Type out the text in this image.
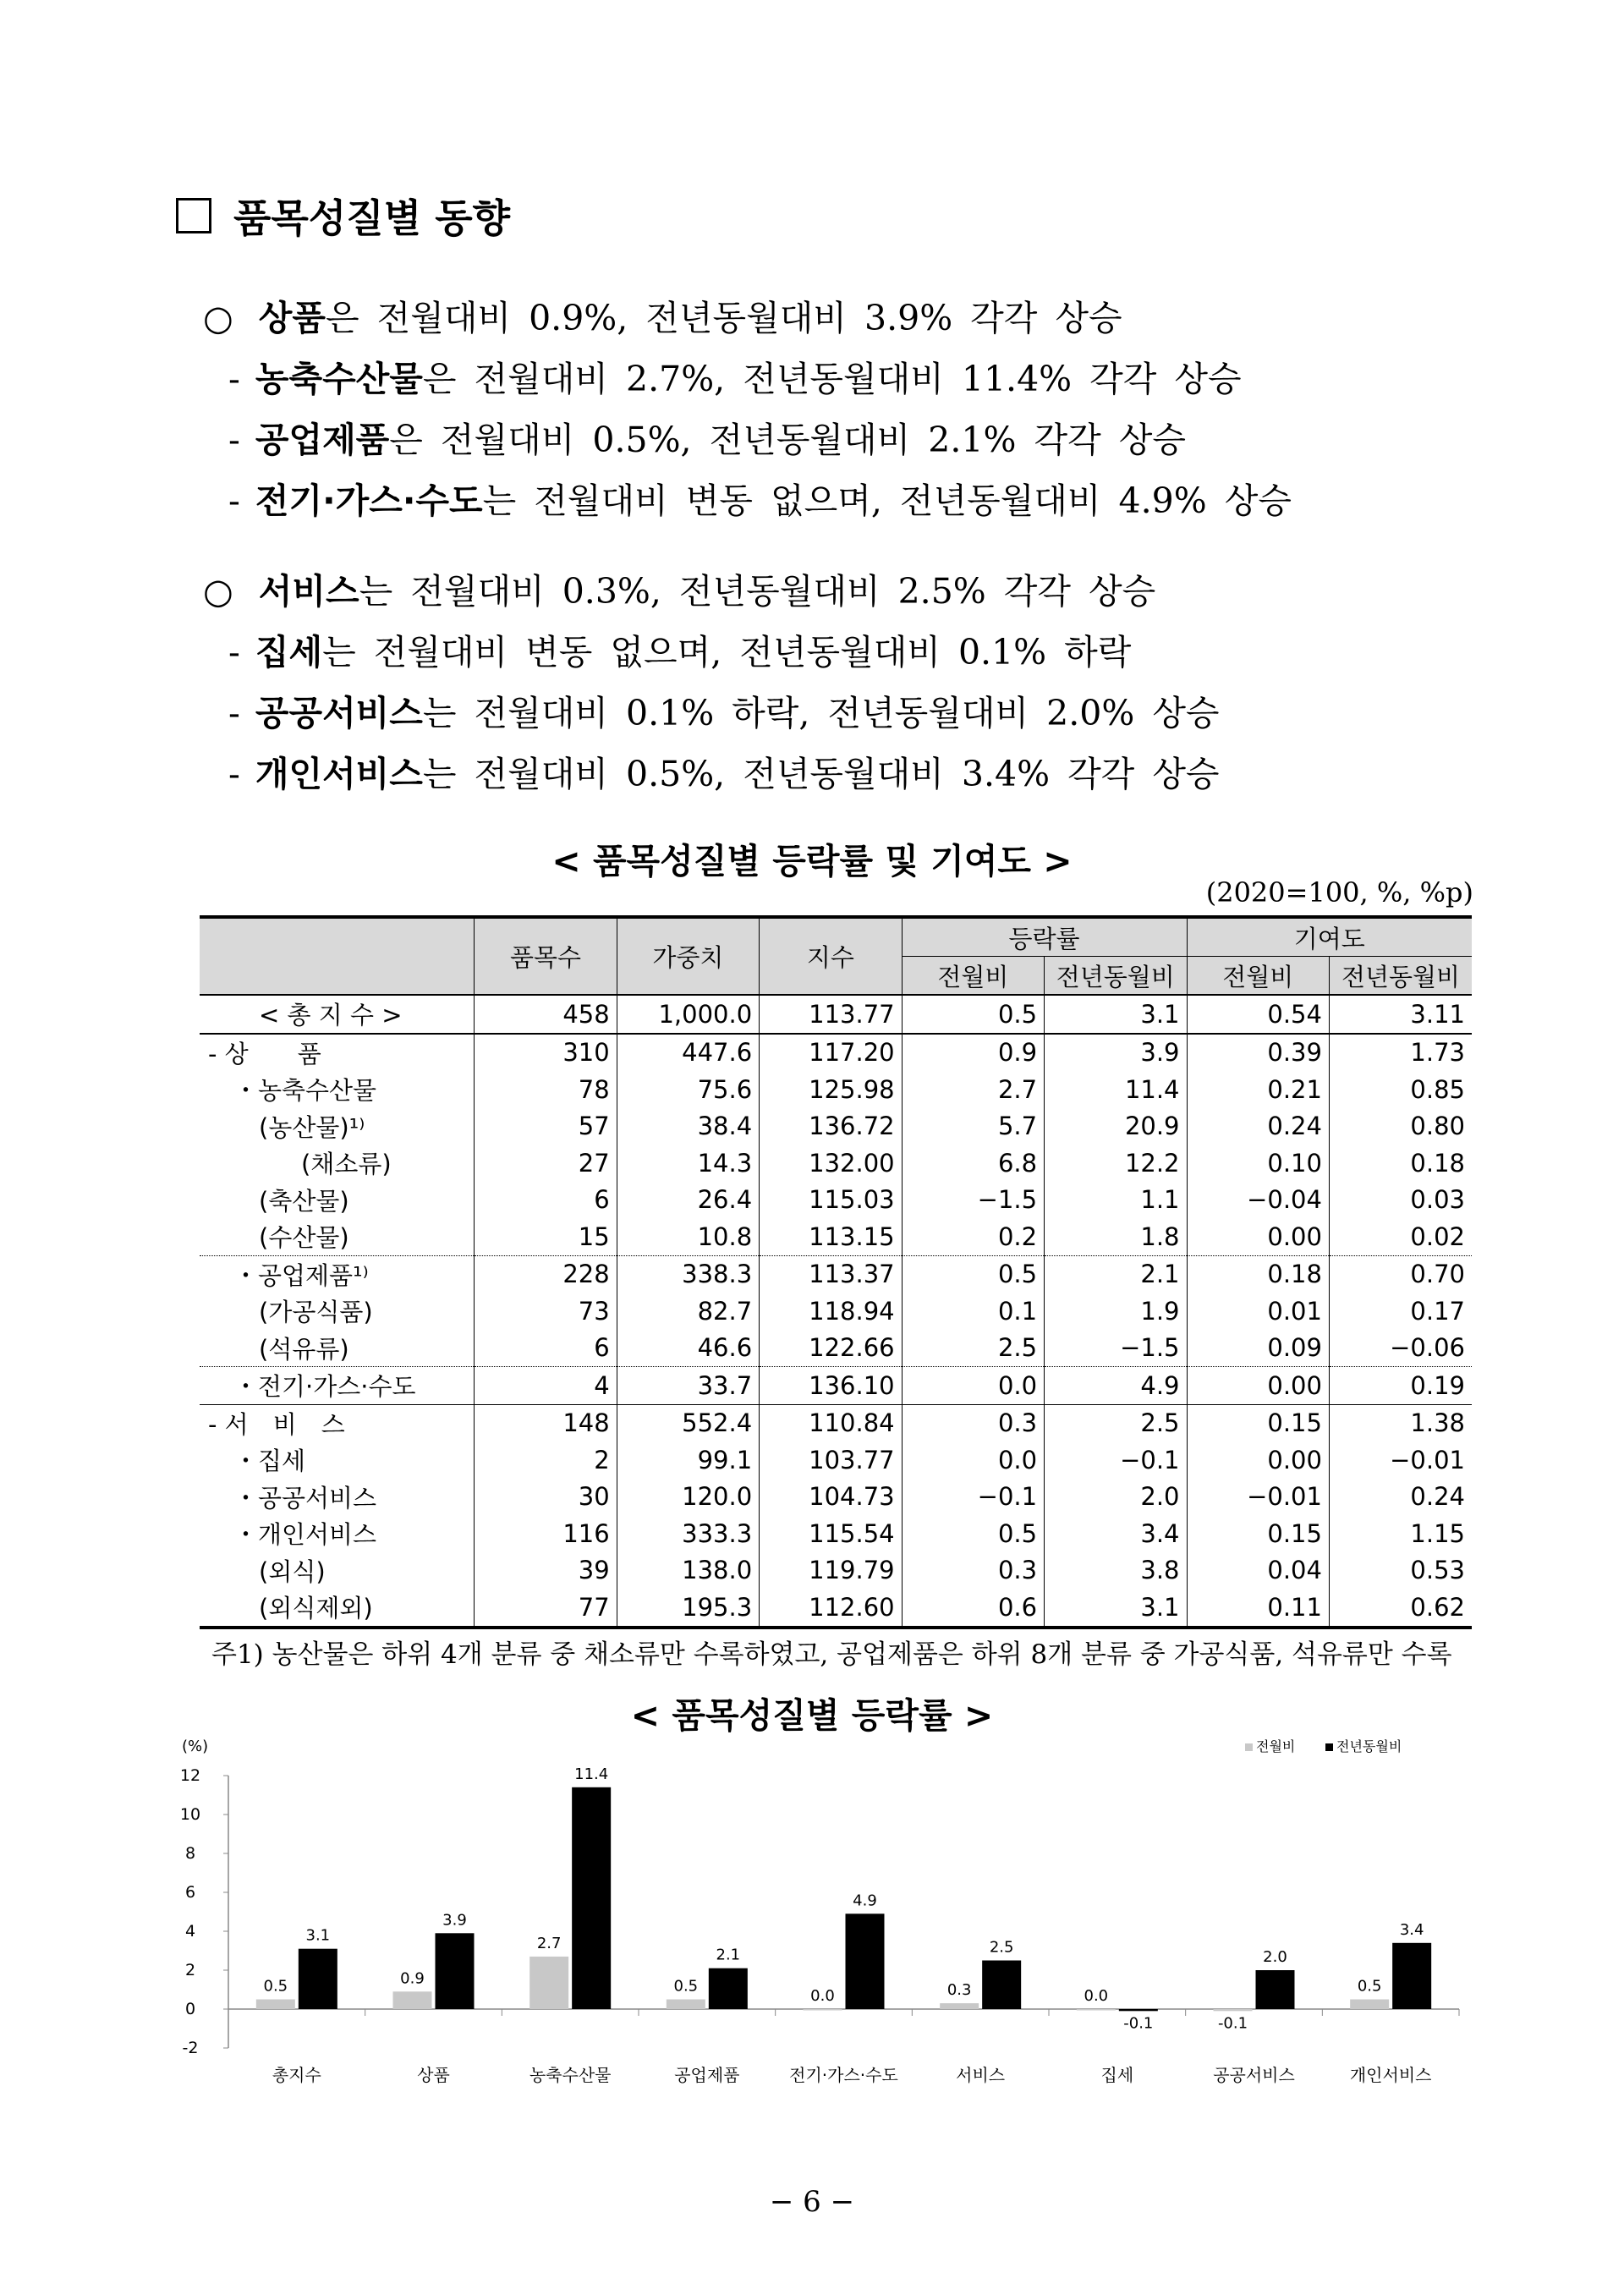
품목성질별 동향
○ 상품은 전월대비 0.9%, 전년동월대비 3.9% 각각 상승
- 농축수산물은 전월대비 2.7%, 전년동월대비 11.4% 각각 상승
- 공업제품은 전월대비 0.5%, 전년동월대비 2.1% 각각 상승
- 전기·가스·수도는 전월대비 변동 없으며, 전년동월대비 4.9% 상승
○ 서비스는 전월대비 0.3%, 전년동월대비 2.5% 각각 상승
- 집세는 전월대비 변동 없으며, 전년동월대비 0.1% 하락
- 공공서비스는 전월대비 0.1% 하락, 전년동월대비 2.0% 상승
- 개인서비스는 전월대비 0.5%, 전년동월대비 3.4% 각각 상승
< 품목성질별 등락률 및 기여도 >
(2020=100, %, %p)
	품목수	가중치	지수	등락률		기여도	
				전월비	전년동월비	전월비	전년동월비
< 총 지 수 >	458	1,000.0	113.77	0.5	3.1	0.54	3.11
- 상　　품	310	447.6	117.20	0.9	3.9	0.39	1.73
・농축수산물	78	75.6	125.98	2.7	11.4	0.21	0.85
(농산물)¹⁾	57	38.4	136.72	5.7	20.9	0.24	0.80
(채소류)	27	14.3	132.00	6.8	12.2	0.10	0.18
(축산물)	6	26.4	115.03	−1.5	1.1	−0.04	0.03
(수산물)	15	10.8	113.15	0.2	1.8	0.00	0.02
・공업제품¹⁾	228	338.3	113.37	0.5	2.1	0.18	0.70
(가공식품)	73	82.7	118.94	0.1	1.9	0.01	0.17
(석유류)	6	46.6	122.66	2.5	−1.5	0.09	−0.06
・전기·가스·수도	4	33.7	136.10	0.0	4.9	0.00	0.19
- 서　비　스	148	552.4	110.84	0.3	2.5	0.15	1.38
・집세	2	99.1	103.77	0.0	−0.1	0.00	−0.01
・공공서비스	30	120.0	104.73	−0.1	2.0	−0.01	0.24
・개인서비스	116	333.3	115.54	0.5	3.4	0.15	1.15
(외식)	39	138.0	119.79	0.3	3.8	0.04	0.53
(외식제외)	77	195.3	112.60	0.6	3.1	0.11	0.62
주1) 농산물은 하위 4개 분류 중 채소류만 수록하였고, 공업제품은 하위 8개 분류 중 가공식품, 석유류만 수록
< 품목성질별 등락률 >
(%)
12
10
8
6
4
2
0
-2
총지수
0.5
3.1
상품
0.9
3.9
농축수산물
2.7
11.4
공업제품
0.5
2.1
전기·가스·수도
0.0
4.9
서비스
0.3
2.5
집세
0.0
-0.1
공공서비스
-0.1
2.0
개인서비스
0.5
3.4
전월비	전년동월비
− 6 −
